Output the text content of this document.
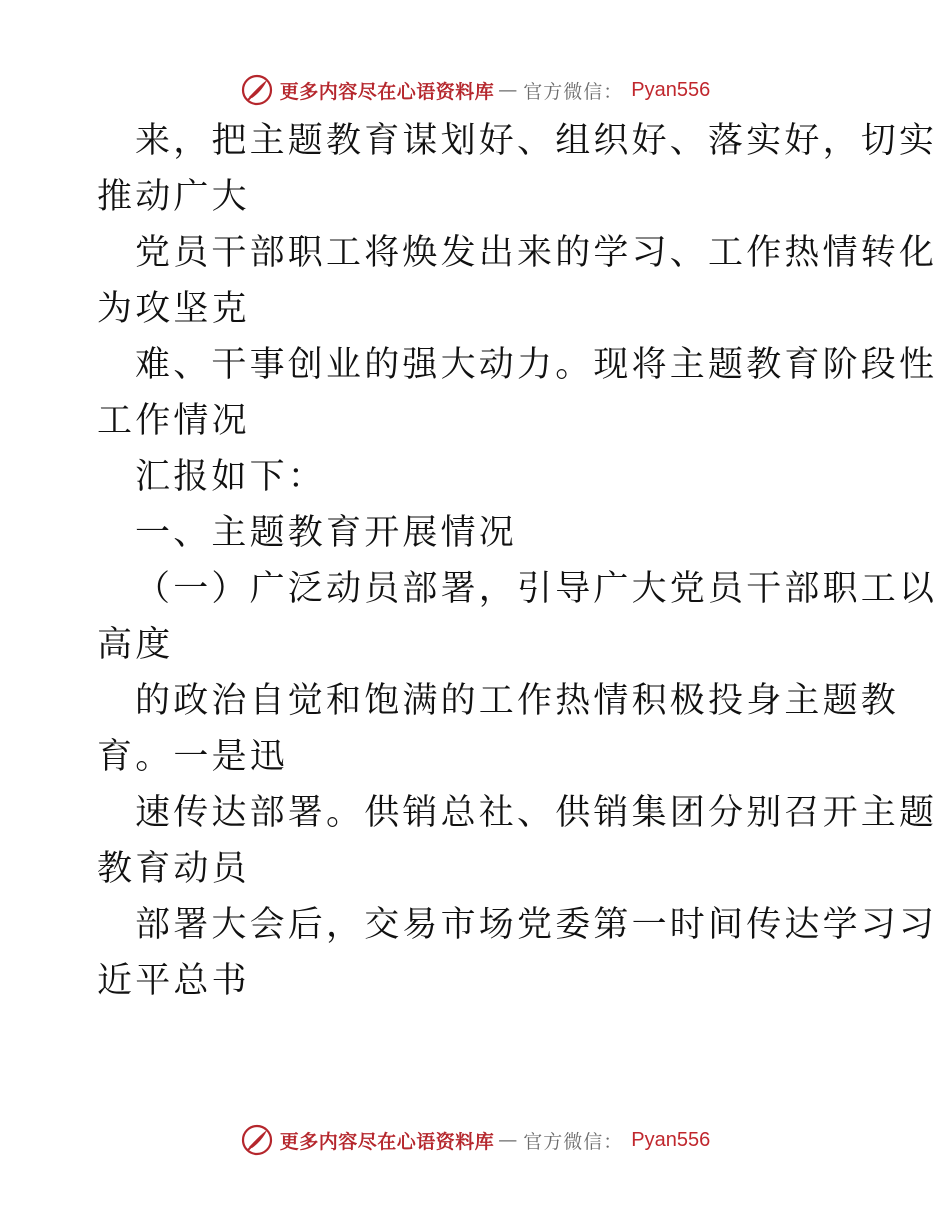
更多内容尽在心语资料库 — 官方微信： Pyan556
来，把主题教育谋划好、组织好、落实好，切实
推动广大
党员干部职工将焕发出来的学习、工作热情转化
为攻坚克
难、干事创业的强大动力。现将主题教育阶段性
工作情况
汇报如下：
一、主题教育开展情况
（一）广泛动员部署，引导广大党员干部职工以
高度
的政治自觉和饱满的工作热情积极投身主题教
育。一是迅
速传达部署。供销总社、供销集团分别召开主题
教育动员
部署大会后，交易市场党委第一时间传达学习习
近平总书
更多内容尽在心语资料库 — 官方微信： Pyan556
